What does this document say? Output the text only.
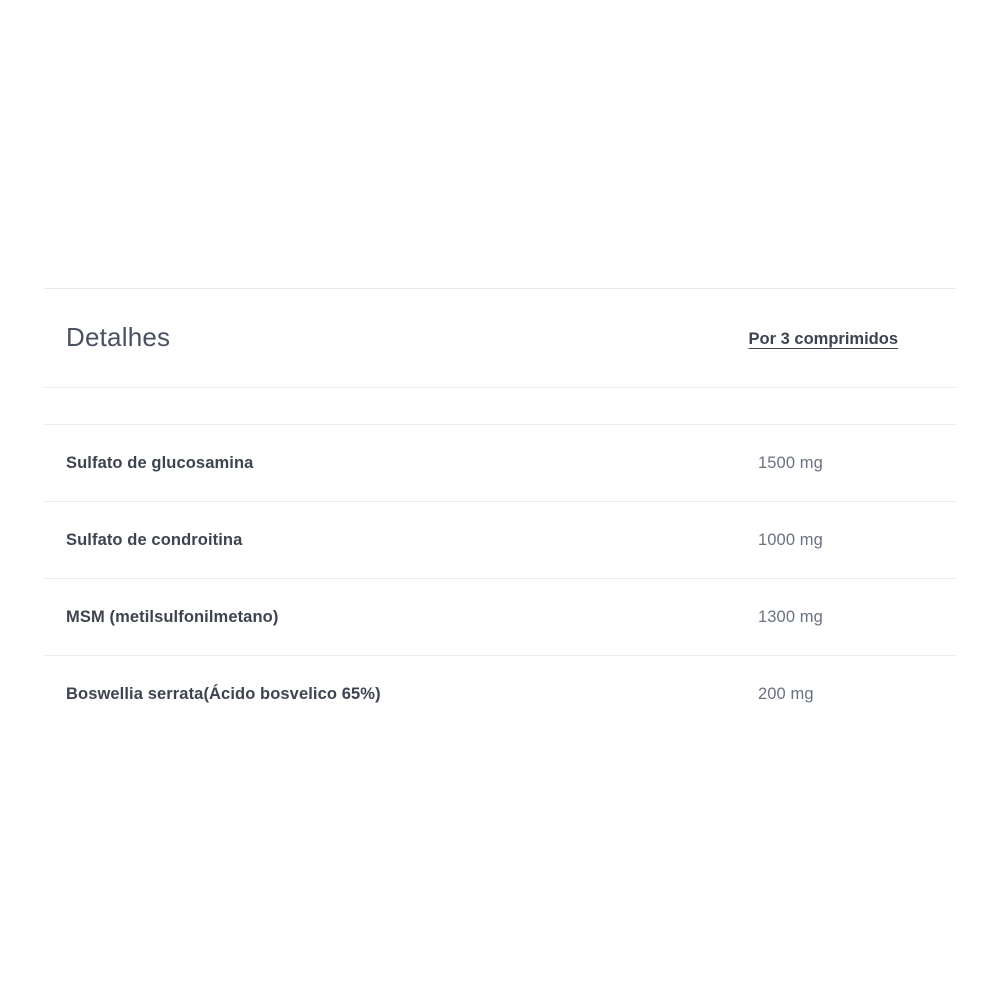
Detalhes	Por 3 comprimidos
Sulfato de glucosamina	1500 mg
Sulfato de condroitina	1000 mg
MSM (metilsulfonilmetano)	1300 mg
Boswellia serrata(Ácido bosvelico 65%)	200 mg
